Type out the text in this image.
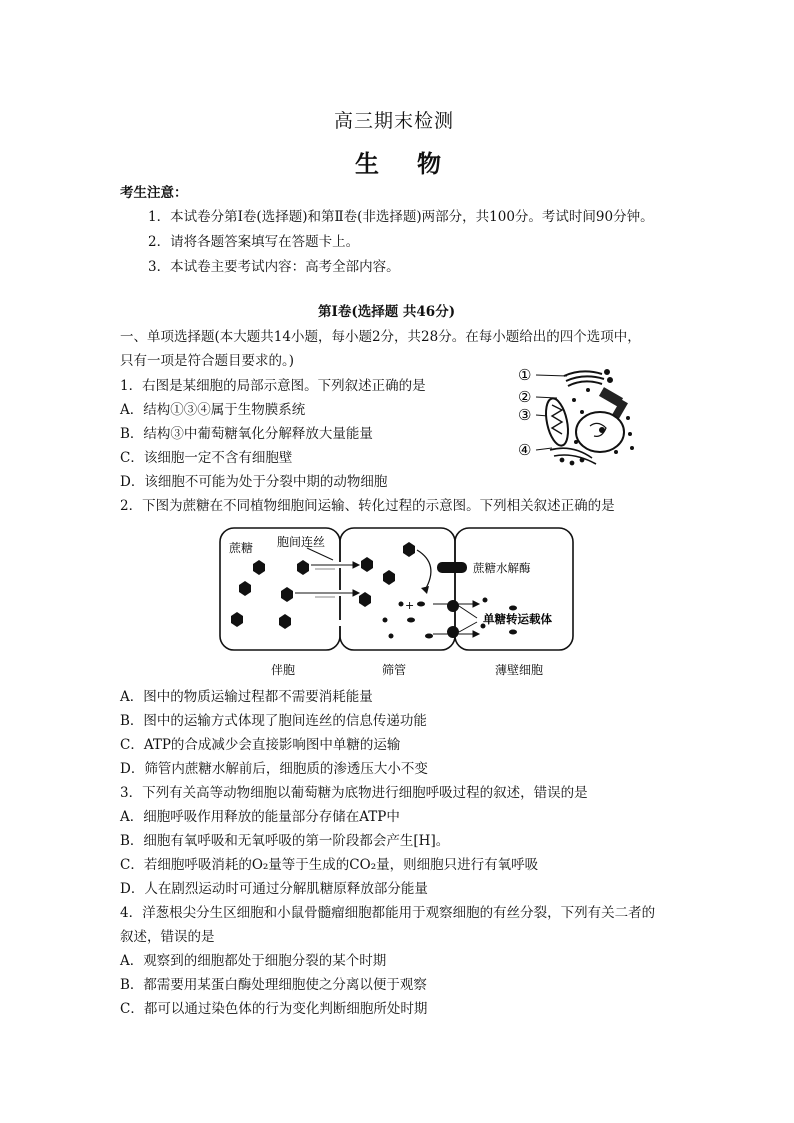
高三期末检测
生 物
考生注意：
1．本试卷分第Ⅰ卷(选择题)和第Ⅱ卷(非选择题)两部分，共100分。考试时间90分钟。
2．请将各题答案填写在答题卡上。
3．本试卷主要考试内容：高考全部内容。
第Ⅰ卷(选择题 共46分)
一、单项选择题(本大题共14小题，每小题2分，共28分。在每小题给出的四个选项中，
只有一项是符合题目要求的。)
1．右图是某细胞的局部示意图。下列叙述正确的是
A．结构①③④属于生物膜系统
B．结构③中葡萄糖氧化分解释放大量能量
C．该细胞一定不含有细胞壁
D．该细胞不可能为处于分裂中期的动物细胞
①
②
③
④
2．下图为蔗糖在不同植物细胞间运输、转化过程的示意图。下列相关叙述正确的是
蔗糖 胞间连丝
蔗糖水解酶
+
单糖转运载体
伴胞	筛管	薄壁细胞
A．图中的物质运输过程都不需要消耗能量
B．图中的运输方式体现了胞间连丝的信息传递功能
C．ATP的合成减少会直接影响图中单糖的运输
D．筛管内蔗糖水解前后，细胞质的渗透压大小不变
3．下列有关高等动物细胞以葡萄糖为底物进行细胞呼吸过程的叙述，错误的是
A．细胞呼吸作用释放的能量部分存储在ATP中
B．细胞有氧呼吸和无氧呼吸的第一阶段都会产生[H]。
C．若细胞呼吸消耗的O₂量等于生成的CO₂量，则细胞只进行有氧呼吸
D．人在剧烈运动时可通过分解肌糖原释放部分能量
4．洋葱根尖分生区细胞和小鼠骨髓瘤细胞都能用于观察细胞的有丝分裂，下列有关二者的
叙述，错误的是
A．观察到的细胞都处于细胞分裂的某个时期
B．都需要用某蛋白酶处理细胞使之分离以便于观察
C．都可以通过染色体的行为变化判断细胞所处时期
